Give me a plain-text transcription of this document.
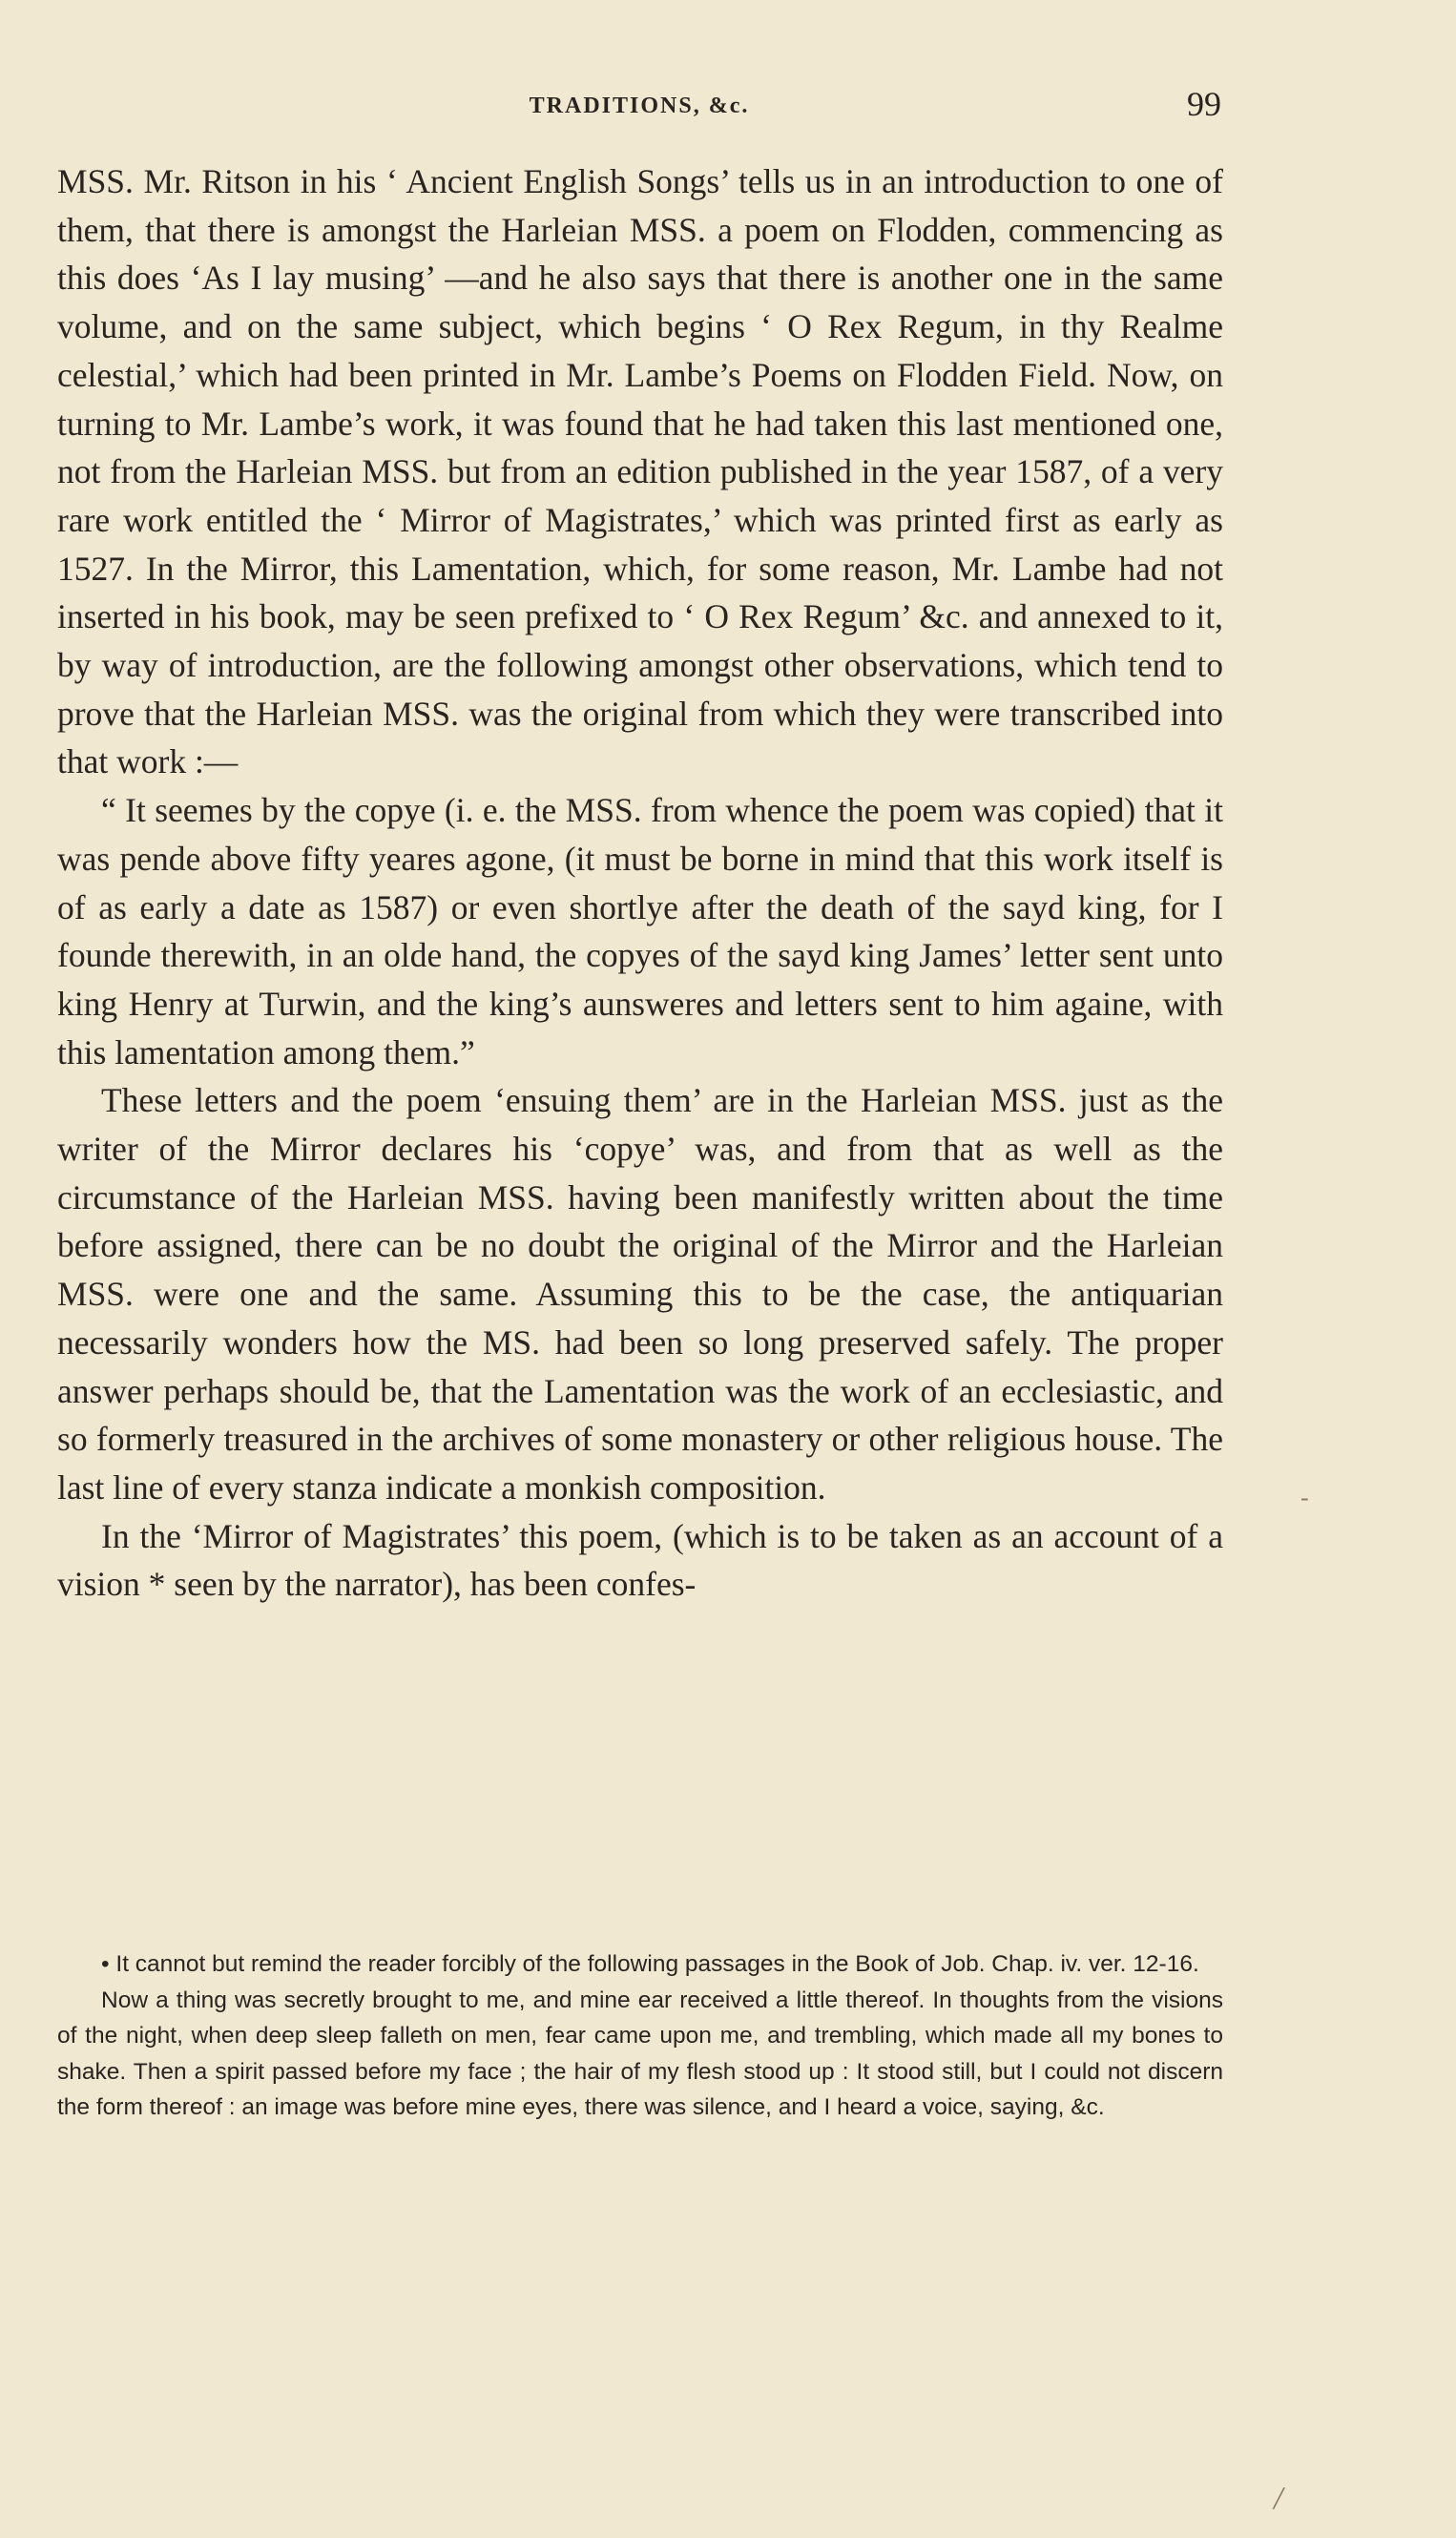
TRADITIONS, &c.	99

MSS. Mr. Ritson in his ‘ Ancient English Songs’ tells us in an introduction to one of them, that there is amongst the Harleian MSS. a poem on Flodden, commencing as this does ‘As I lay musing’ —and he also says that there is another one in the same volume, and on the same subject, which begins ‘ O Rex Regum, in thy Realme celestial,’ which had been printed in Mr. Lambe’s Poems on Flodden Field. Now, on turning to Mr. Lambe’s work, it was found that he had taken this last mentioned one, not from the Harleian MSS. but from an edition published in the year 1587, of a very rare work entitled the ‘ Mirror of Magistrates,’ which was printed first as early as 1527. In the Mirror, this Lamentation, which, for some reason, Mr. Lambe had not inserted in his book, may be seen prefixed to ‘ O Rex Regum’ &c. and annexed to it, by way of introduction, are the following amongst other observations, which tend to prove that the Harleian MSS. was the original from which they were transcribed into that work :—

“ It seemes by the copye (i. e. the MSS. from whence the poem was copied) that it was pende above fifty yeares agone, (it must be borne in mind that this work itself is of as early a date as 1587) or even shortlye after the death of the sayd king, for I founde therewith, in an olde hand, the copyes of the sayd king James’ letter sent unto king Henry at Turwin, and the king’s aunsweres and letters sent to him againe, with this lamentation among them.”

These letters and the poem ‘ensuing them’ are in the Harleian MSS. just as the writer of the Mirror declares his ‘copye’ was, and from that as well as the circumstance of the Harleian MSS. having been manifestly written about the time before assigned, there can be no doubt the original of the Mirror and the Harleian MSS. were one and the same. Assuming this to be the case, the antiquarian necessarily wonders how the MS. had been so long preserved safely. The proper answer perhaps should be, that the Lamentation was the work of an ecclesiastic, and so formerly treasured in the archives of some monastery or other religious house. The last line of every stanza indicate a monkish composition.

In the ‘Mirror of Magistrates’ this poem, (which is to be taken as an account of a vision * seen by the narrator), has been confes-

• It cannot but remind the reader forcibly of the following passages in the Book of Job. Chap. iv. ver. 12-16.

Now a thing was secretly brought to me, and mine ear received a little thereof. In thoughts from the visions of the night, when deep sleep falleth on men, fear came upon me, and trembling, which made all my bones to shake. Then a spirit passed before my face ; the hair of my flesh stood up : It stood still, but I could not discern the form thereof : an image was before mine eyes, there was silence, and I heard a voice, saying, &c.

-
/
